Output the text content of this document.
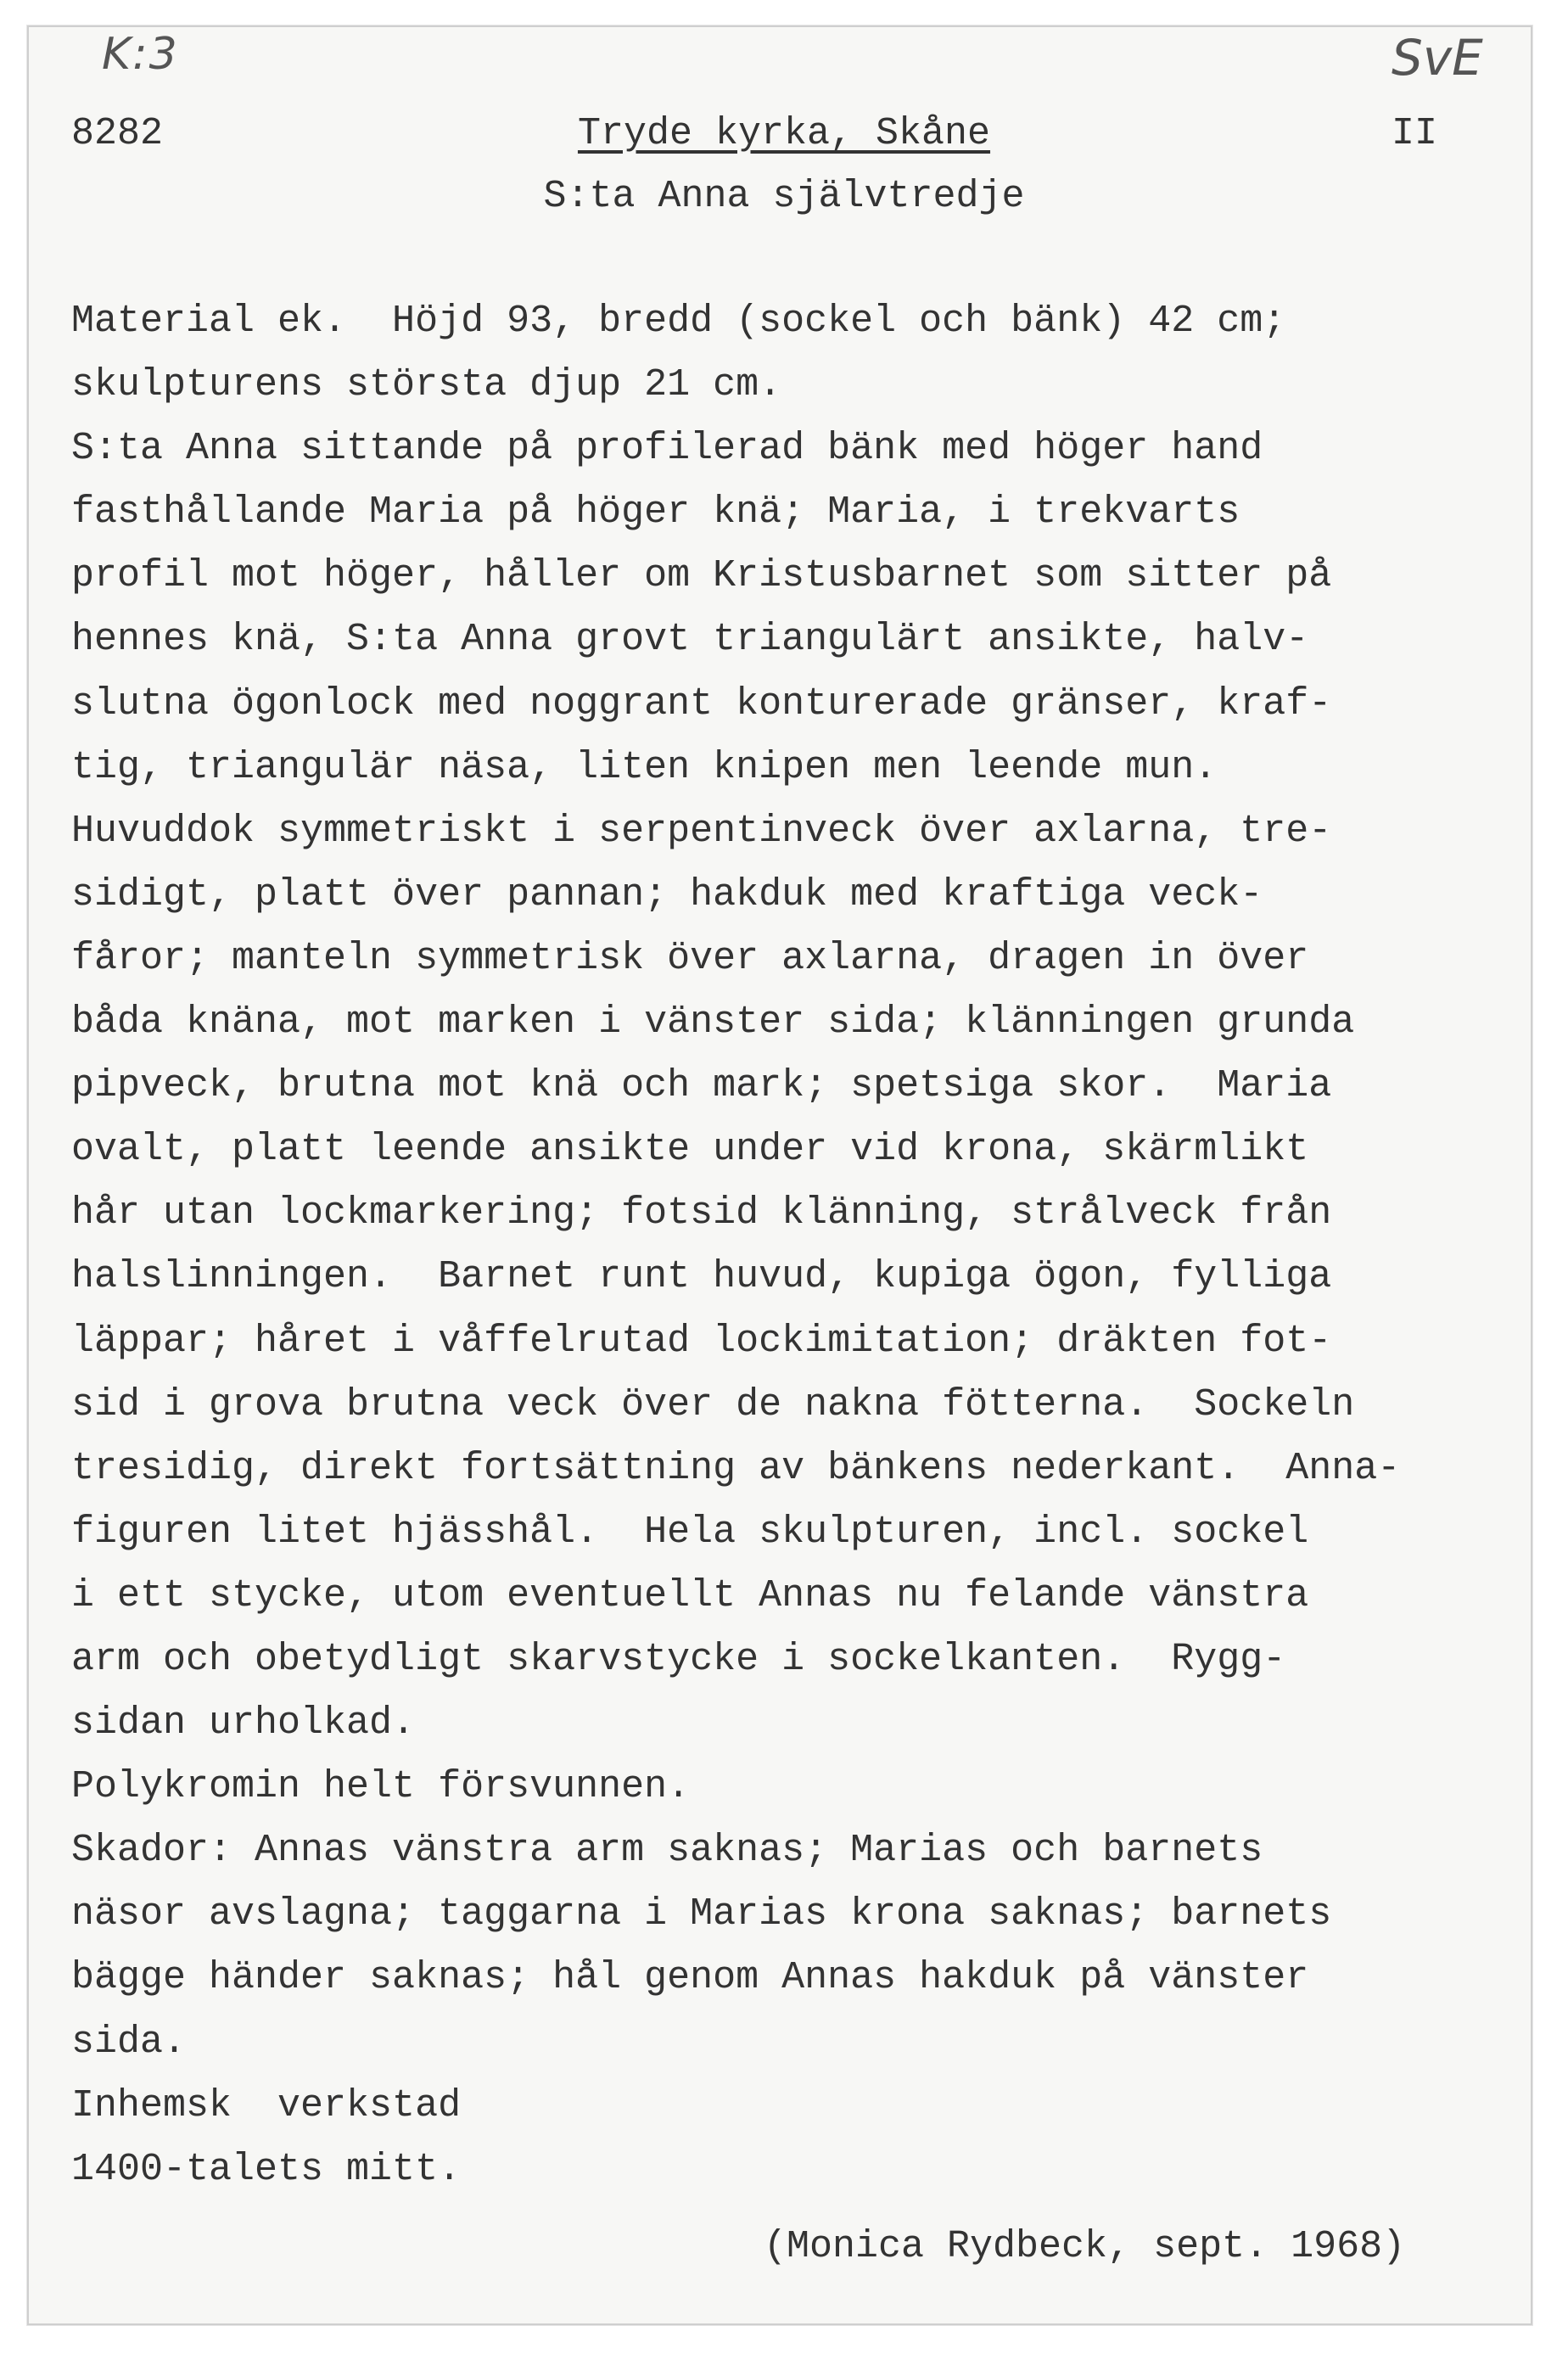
K:3	SvE
8282	Tryde kyrka, Skåne	II
S:ta Anna självtredje
Material ek.  Höjd 93, bredd (sockel och bänk) 42 cm;
skulpturens största djup 21 cm.
S:ta Anna sittande på profilerad bänk med höger hand
fasthållande Maria på höger knä; Maria, i trekvarts
profil mot höger, håller om Kristusbarnet som sitter på
hennes knä, S:ta Anna grovt triangulärt ansikte, halv-
slutna ögonlock med noggrant konturerade gränser, kraf-
tig, triangulär näsa, liten knipen men leende mun.
Huvuddok symmetriskt i serpentinveck över axlarna, tre-
sidigt, platt över pannan; hakduk med kraftiga veck-
fåror; manteln symmetrisk över axlarna, dragen in över
båda knäna, mot marken i vänster sida; klänningen grunda
pipveck, brutna mot knä och mark; spetsiga skor.  Maria
ovalt, platt leende ansikte under vid krona, skärmlikt
hår utan lockmarkering; fotsid klänning, strålveck från
halslinningen.  Barnet runt huvud, kupiga ögon, fylliga
läppar; håret i våffelrutad lockimitation; dräkten fot-
sid i grova brutna veck över de nakna fötterna.  Sockeln
tresidig, direkt fortsättning av bänkens nederkant.  Anna-
figuren litet hjässhål.  Hela skulpturen, incl. sockel
i ett stycke, utom eventuellt Annas nu felande vänstra
arm och obetydligt skarvstycke i sockelkanten.  Rygg-
sidan urholkad.
Polykromin helt försvunnen.
Skador: Annas vänstra arm saknas; Marias och barnets
näsor avslagna; taggarna i Marias krona saknas; barnets
bägge händer saknas; hål genom Annas hakduk på vänster
sida.
Inhemsk  verkstad
1400-talets mitt.
(Monica Rydbeck, sept. 1968)
